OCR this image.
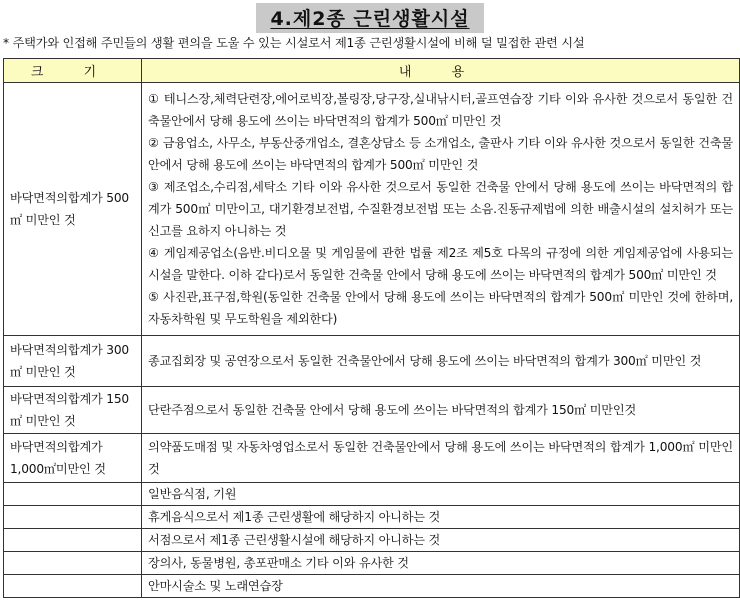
4.제2종 근린생활시설
* 주택가와 인접해 주민들의 생활 편의을 도울 수 있는 시설로서 제1종 근린생활시설에 비해 덜 밀접한 관련 시설
크 기	내 용
바닥면적의합계가 500㎡ 미만인 것	① 테니스장,체력단련장,에어로빅장,볼링장,당구장,실내낚시터,골프연습장 기타 이와 유사한 것으로서 동일한 건축물안에서 당해 용도에 쓰이는 바닥면적의 합계가 500㎡ 미만인 것
② 금융업소, 사무소, 부동산중개업소, 결혼상담소 등 소개업소, 출판사 기타 이와 유사한 것으로서 동일한 건축물 안에서 당해 용도에 쓰이는 바닥면적의 합계가 500㎡ 미만인 것
③ 제조업소,수리점,세탁소 기타 이와 유사한 것으로서 동일한 건축물 안에서 당해 용도에 쓰이는 바닥면적의 합계가 500㎡ 미만이고, 대기환경보전법, 수질환경보전법 또는 소음.진동규제법에 의한 배출시설의 설치허가 또는 신고를 요하지 아니하는 것
④ 게임제공업소(음반.비디오물 및 게임물에 관한 법률 제2조 제5호 다목의 규정에 의한 게임제공업에 사용되는 시설을 말한다. 이하 같다)로서 동일한 건축물 안에서 당해 용도에 쓰이는 바닥면적의 합계가 500㎡ 미만인 것
⑤ 사진관,표구점,학원(동일한 건축물 안에서 당해 용도에 쓰이는 바닥면적의 합계가 500㎡ 미만인 것에 한하며, 자동차학원 및 무도학원을 제외한다)

바닥면적의합계가 300㎡ 미만인 것	종교집회장 및 공연장으로서 동일한 건축물안에서 당해 용도에 쓰이는 바닥면적의 합계가 300㎡ 미만인 것
바닥면적의합계가 150㎡ 미만인 것	단란주점으로서 동일한 건축물 안에서 당해 용도에 쓰이는 바닥면적의 합계가 150㎡ 미만인것
바닥면적의합계가 1,000㎡미만인 것	의약품도매점 및 자동차영업소로서 동일한 건축물안에서 당해 용도에 쓰이는 바닥면적의 합계가 1,000㎡ 미만인 것
	일반음식점, 기원
	휴게음식으로서 제1종 근린생활에 해당하지 아니하는 것
	서점으로서 제1종 근린생활시설에 해당하지 아니하는 것
	장의사, 동물병원, 총포판매소 기타 이와 유사한 것
	안마시술소 및 노래연습장
